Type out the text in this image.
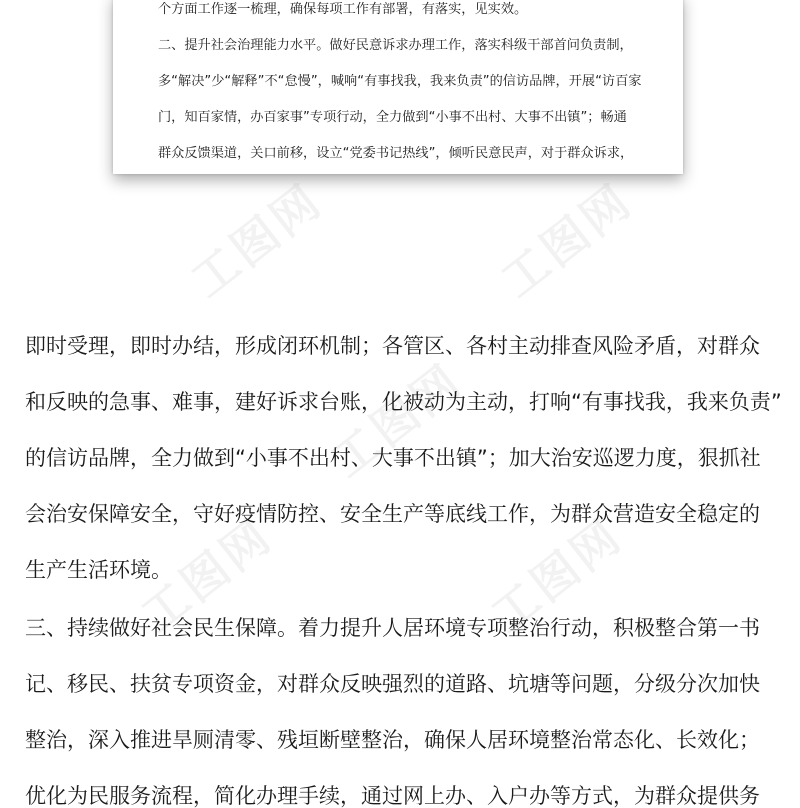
工图网	工图网
工图网
工图网	工图网
个方面工作逐一梳理，确保每项工作有部署，有落实，见实效。
二、提升社会治理能力水平。做好民意诉求办理工作，落实科级干部首问负责制，
多“解决”少“解释”不“怠慢”，喊响“有事找我，我来负责”的信访品牌，开展“访百家
门，知百家情，办百家事”专项行动，全力做到“小事不出村、大事不出镇”；畅通
群众反馈渠道，关口前移，设立“党委书记热线”，倾听民意民声，对于群众诉求，
即时受理，即时办结，形成闭环机制；各管区、各村主动排查风险矛盾，对群众
和反映的急事、难事，建好诉求台账，化被动为主动，打响“有事找我，我来负责”
的信访品牌，全力做到“小事不出村、大事不出镇”；加大治安巡逻力度，狠抓社
会治安保障安全，守好疫情防控、安全生产等底线工作，为群众营造安全稳定的
生产生活环境。
三、持续做好社会民生保障。着力提升人居环境专项整治行动，积极整合第一书
记、移民、扶贫专项资金，对群众反映强烈的道路、坑塘等问题，分级分次加快
整治，深入推进旱厕清零、残垣断壁整治，确保人居环境整治常态化、长效化；
优化为民服务流程，简化办理手续，通过网上办、入户办等方式，为群众提供务
